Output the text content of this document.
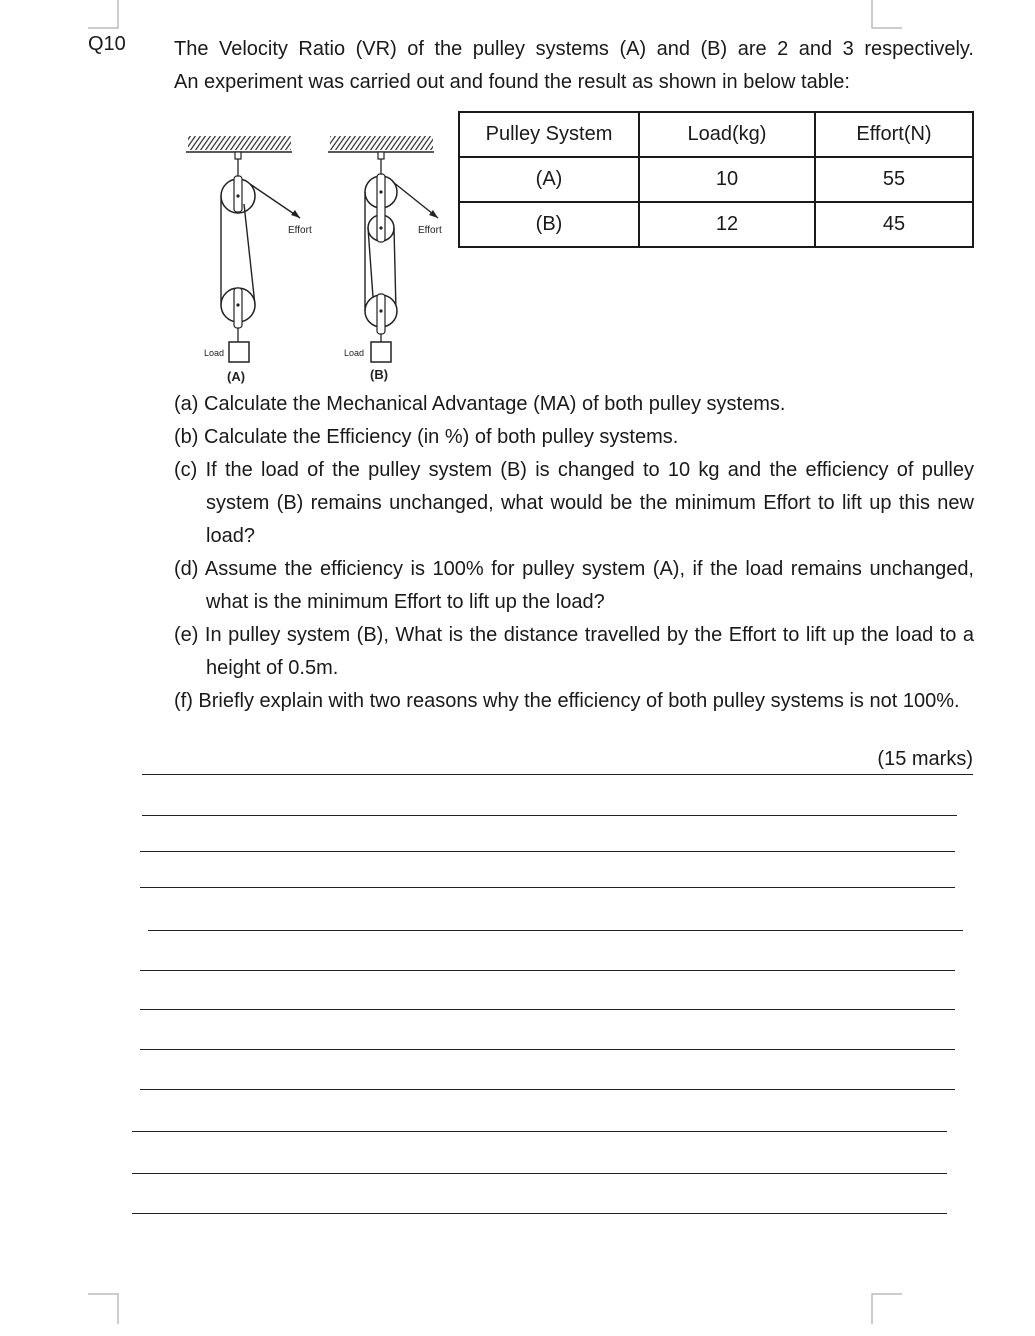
Q10 The Velocity Ratio (VR) of the pulley systems (A) and (B) are 2 and 3 respectively.

An experiment was carried out and found the result as shown in below table:

Pulley System	Load(kg)	Effort(N)
(A)	10	55
(B)	12	45
Effort
Load
(A)
Effort
Load
(B)
(a) Calculate the Mechanical Advantage (MA) of both pulley systems.
(b) Calculate the Efficiency (in %) of both pulley systems.
(c) If the load of the pulley system (B) is changed to 10 kg and the efficiency of pulley system (B) remains unchanged, what would be the minimum Effort to lift up this new load?
(d) Assume the efficiency is 100% for pulley system (A), if the load remains unchanged, what is the minimum Effort to lift up the load?
(e) In pulley system (B), What is the distance travelled by the Effort to lift up the load to a height of 0.5m.
(f) Briefly explain with two reasons why the efficiency of both pulley systems is not 100%.
(15 marks)
